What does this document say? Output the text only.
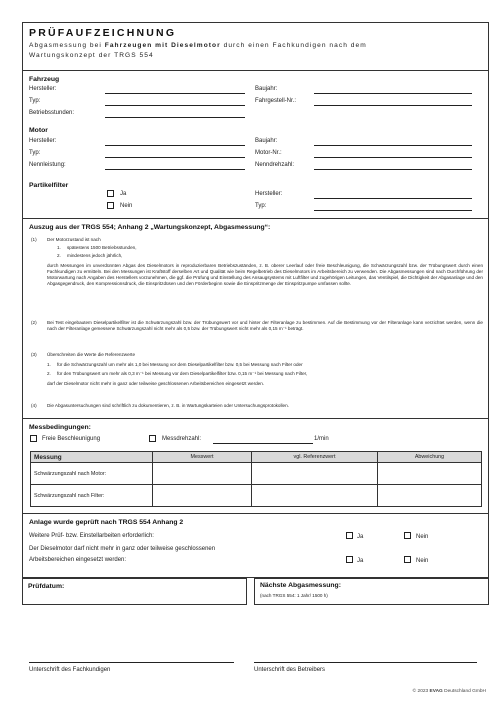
PRÜFAUFZEICHNUNG
Abgasmessung bei Fahrzeugen mit Dieselmotor durch einen Fachkundigen nach dem
Wartungskonzept der TRGS 554
Fahrzeug
Hersteller:	Baujahr:
Typ:	Fahrgestell-Nr.:
Betriebsstunden:
Motor
Hersteller:	Baujahr:
Typ:	Motor-Nr.:
Nennleistung:	Nenndrehzahl:
Partikelfilter
Ja
Nein
Hersteller:
Typ:
Auszug aus der TRGS 554; Anhang 2 „Wartungskonzept, Abgasmessung“:
(1) Der Motorzustand ist nach
1. spätestens 1500 Betriebsstunden,
2. mindestens jedoch jährlich,
durch Messungen im unverdünnten Abgas des Dieselmotors in reproduzierbaren Betriebszuständen, z. B. oberer Leerlauf oder freie Beschleunigung, die Schwärzungszahl bzw. der Trübungswert durch einen Fachkundigen zu ermitteln. Bei den Messungen ist Kraftstoff derselben Art und Qualität wie beim Regelbetrieb des Dieselmotors im Arbeitsbereich zu verwenden. Die Abgasmessungen sind nach Durchführung der Motorwartung nach Angaben des Herstellers vorzunehmen, die ggf. die Prüfung und Einstellung des Ansaugsystems mit Luftfilter und zugehörigen Leitungen, das Ventilspiel, die Dichtigkeit der Abgasanlage und den Abgasgegendruck, den Kompressionsdruck, die Einspritzdüsen und den Förderbeginn sowie die Einspritzmenge der Einspritzpumpe umfassen sollte.
(2) Bei Test eingebautem Dieselpartikelfilter ist die Schwärzungszahl bzw. der Trübungswert vor und hinter der Filteranlage zu bestimmen. Auf die Bestimmung vor der Filteranlage kann verzichtet werden, wenn die nach der Filteranlage gemessene Schwärzungszahl nicht mehr als 0,5 bzw. der Trübungswert nicht mehr als 0,15 m⁻¹ beträgt.
(3) Überschreiten die Werte die Referenzwerte
1. für die Schwärzungszahl um mehr als 1,0 bei Messung vor dem Dieselpartikelfilter bzw. 0,5 bei Messung nach Filter oder
2. für den Trübungswert um mehr als 0,3 m⁻¹ bei Messung vor dem Dieselpartikelfilter bzw. 0,15 m⁻¹ bei Messung nach Filter,
darf der Dieselmotor nicht mehr in ganz oder teilweise geschlossenen Arbeitsbereichen eingesetzt werden.
(4) Die Abgasuntersuchungen sind schriftlich zu dokumentieren, z. B. in Wartungskarteien oder Untersuchungsprotokollen.
Messbedingungen:
Freie Beschleunigung	Messdrehzahl:	1/min
Messung	Messwert	vgl. Referenzwert	Abweichung
Schwärzungszahl nach Motor:			
Schwärzungszahl nach Filter:			
Anlage wurde geprüft nach TRGS 554 Anhang 2
Weitere Prüf- bzw. Einstellarbeiten erforderlich:	Ja	Nein
Der Dieselmotor darf nicht mehr in ganz oder teilweise geschlossenen
Arbeitsbereichen eingesetzt werden:	Ja	Nein
Prüfdatum:	Nächste Abgasmessung:
(nach TRGS 554: 1 Jahr/ 1500 h)
Unterschrift des Fachkundigen	Unterschrift des Betreibers
© 2023 EVAG Deutschland GmbH
